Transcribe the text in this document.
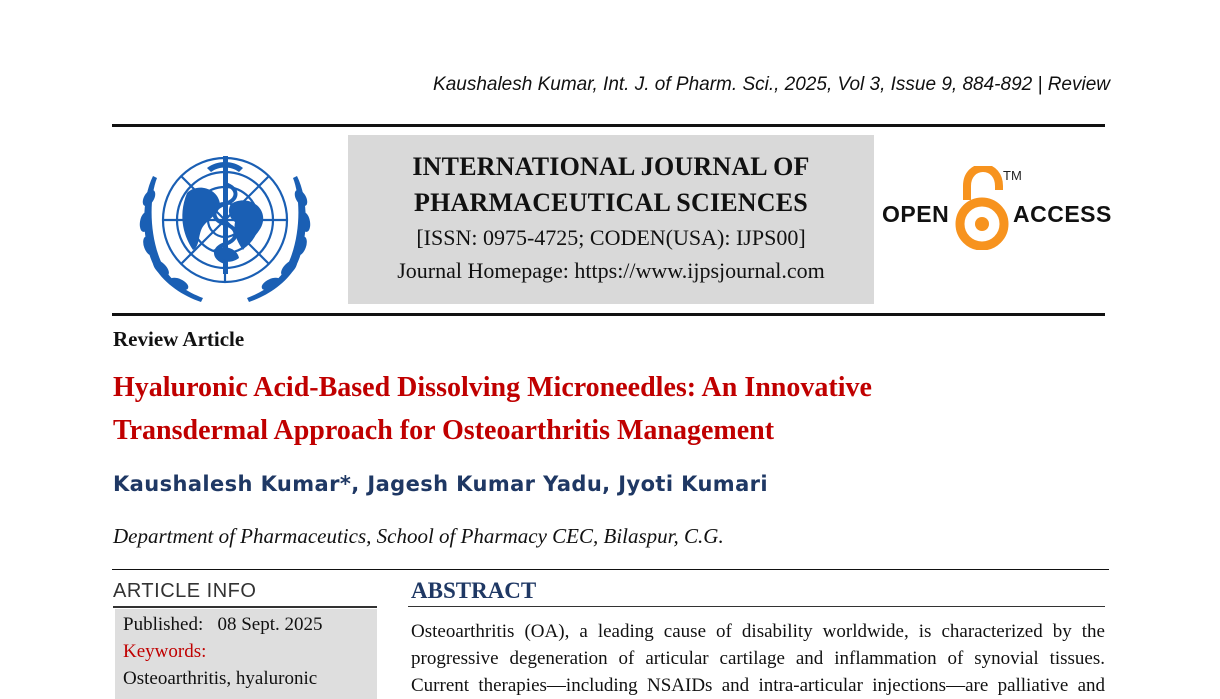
Kaushalesh Kumar, Int. J. of Pharm. Sci., 2025, Vol 3, Issue 9, 884-892 | Review
INTERNATIONAL JOURNAL OF
PHARMACEUTICAL SCIENCES
[ISSN: 0975-4725; CODEN(USA): IJPS00]
Journal Homepage: https://www.ijpsjournal.com
OPEN
TM
ACCESS
Review Article
Hyaluronic Acid-Based Dissolving Microneedles: An Innovative
Transdermal Approach for Osteoarthritis Management
Kaushalesh Kumar*, Jagesh Kumar Yadu, Jyoti Kumari
Department of Pharmaceutics, School of Pharmacy CEC, Bilaspur, C.G.
ARTICLE INFO
Published: 08 Sept. 2025
Keywords:
Osteoarthritis, hyaluronic
ABSTRACT
Osteoarthritis (OA), a leading cause of disability worldwide, is characterized by the
progressive degeneration of articular cartilage and inflammation of synovial tissues.
Current therapies—including NSAIDs and intra-articular injections—are palliative and
